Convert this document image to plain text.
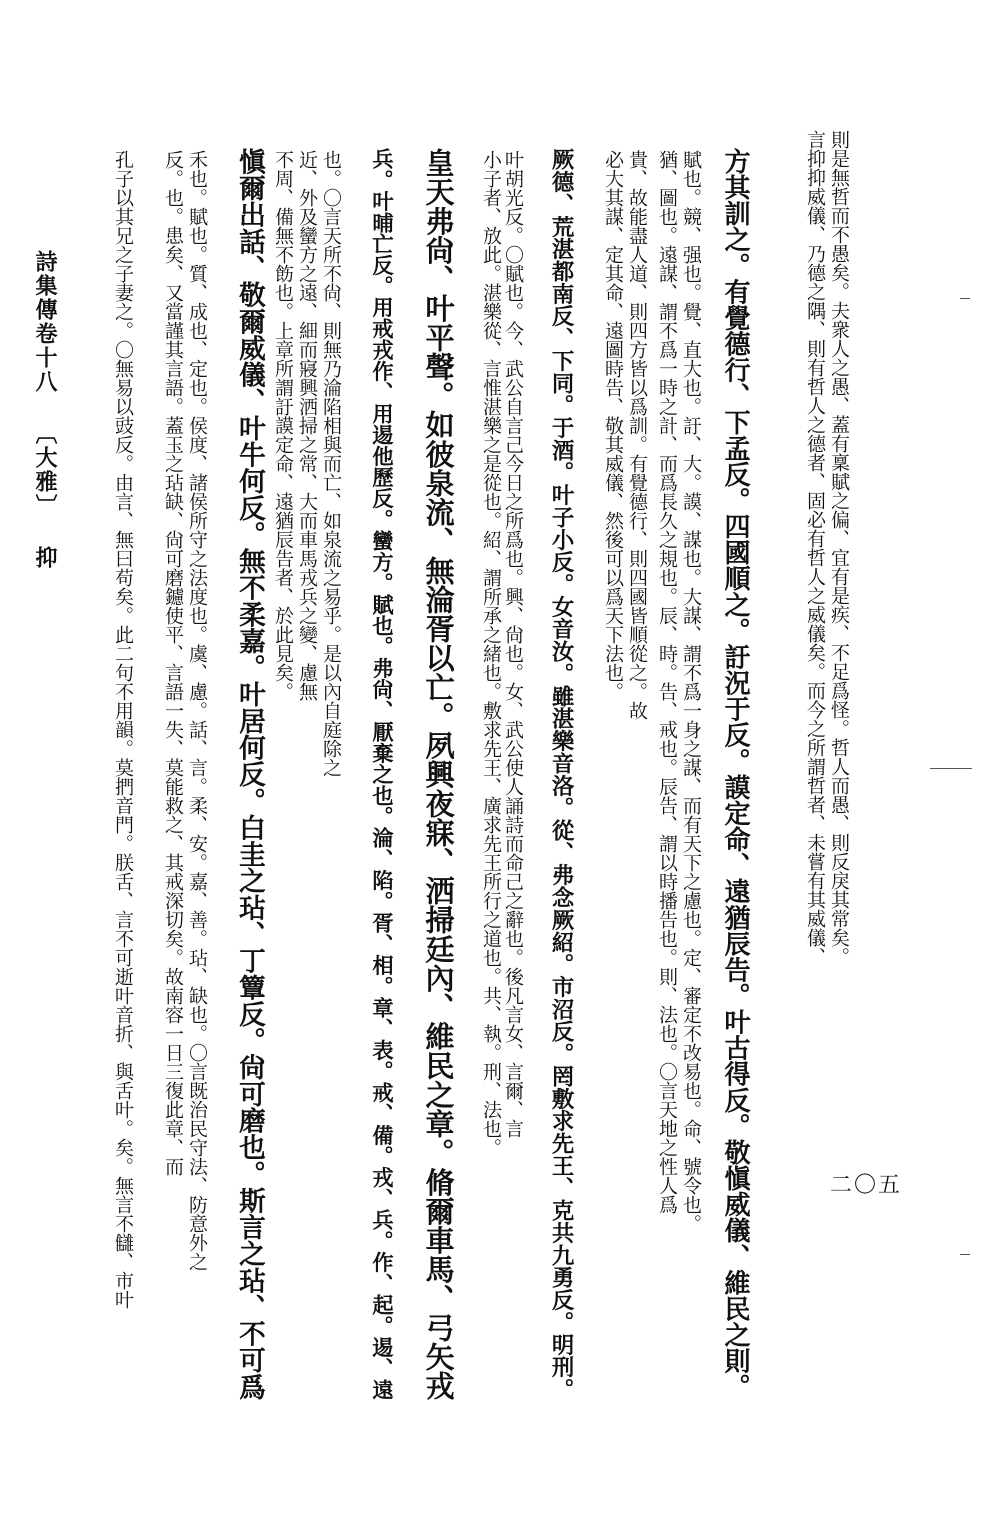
言抑抑威儀、乃德之隅、則有哲人之德者、固必有哲人之威儀矣。而今之所謂哲者、未嘗有其威儀、 則是無哲而不愚矣。夫衆人之愚、蓋有稟賦之偏、宜有是疾、不足爲怪。哲人而愚、則反戾其常矣。
方其訓之。有覺德行、下孟反。四國順之。訏況于反。謨定命、遠猶辰告。叶古得反。敬愼威儀、維民之則。
賦也。競、强也。覺、直大也。訏、大。謨、謀也。大謀、謂不爲一身之謀、而有天下之慮也。定、審定不改易也。命、號令也。
猶、圖也。遠謀、謂不爲一時之計、而爲長久之規也。辰、時。告、戒也。辰告、謂以時播告也。則、法也。〇言天地之性人爲
貴、故能盡人道、則四方皆以爲訓。有覺德行、則四國皆順從之。故
必大其謀、定其命、遠圖時告、敬其威儀、然後可以爲天下法也。
厥德、荒湛都南反、下同。于酒。叶子小反。女音汝。雖湛樂音洛。從、弗念厥紹。市沼反。罔敷求先王、克共九勇反。明刑。
叶胡光反。〇賦也。今、武公自言己今日之所爲也。興、尙也。女、武公使人誦詩而命己之辭也。後凡言女、言爾、言
小子者、放此。湛樂從、言惟湛樂之是從也。紹、謂所承之緒也。敷求先王、廣求先王所行之道也。共、執。刑、法也。
皇天弗尙、叶平聲。如彼泉流、無淪胥以亡。夙興夜寐、洒掃廷內、維民之章。脩爾車馬、弓矢戎
兵。叶晡亡反。用戒戎作、用逷他歷反。蠻方。賦也。弗尙、厭棄之也。淪、陷。胥、相。章、表。戒、備。戎、兵。作、起。逷、遠
也。〇言天所不尙、則無乃淪陷相與而亡、如泉流之易乎。是以內自庭除之
近、外及蠻方之遠、細而寢興洒掃之常、大而車馬戎兵之變、慮無
不周、備無不飭也。上章所謂訏謨定命、遠猶辰告者、於此見矣。
愼爾出話、敬爾威儀、叶牛何反。無不柔嘉。叶居何反。白圭之玷、丁簟反。尙可磨也。斯言之玷、不可爲
禾也。賦也。質、成也、定也。侯度、諸侯所守之法度也。虞、慮。話、言。柔、安。嘉、善。玷、缺也。〇言既治民守法、防意外之
反。也。患矣、又當謹其言語。蓋玉之玷缺、尙可磨鑢使平、言語一失、莫能救之、其戒深切矣。故南容一日三復此章、而
孔子以其兄之子妻之。〇無易以豉反。由言、無曰苟矣。此二句不用韻。莫捫音門。朕舌、言不可逝叶音折、與舌叶。矣。無言不讎、市叶
詩集傳卷十八 〔大雅〕 抑
二〇五
